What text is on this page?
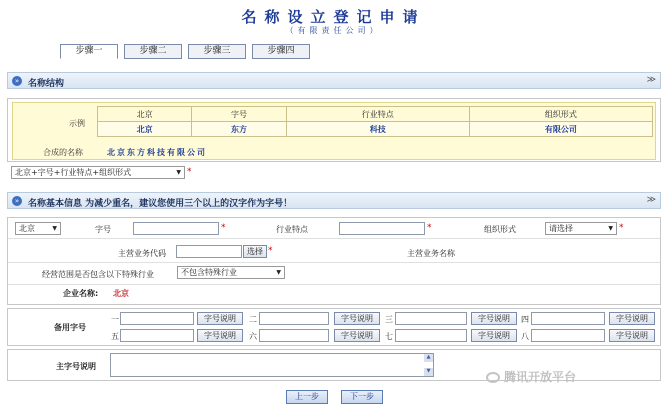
名称设立登记申请
（有限责任公司）
步骤一	步骤二	步骤三	步骤四
» 名称结构	≫
示例
北京	字号	行业特点	组织形式
北京	东方	科技	有限公司
合成的名称	北京东方科技有限公司
北京+字号+行业特点+组织形式	▼ *
» 名称基本信息 为减少重名，建议您使用三个以上的汉字作为字号！	≫
北京	▼	字号	*	行业特点	*	组织形式	请选择	▼ *
主营业务代码	选择 *	主营业务名称
经营范围是否包含以下特殊行业	不包含特殊行业	▼
企业名称: 北京
备用字号
一	字号说明	二	字号说明	三	字号说明	四	字号说明
五	字号说明	六	字号说明	七	字号说明	八	字号说明
主字号说明
▲
▼	腾讯开放平台
上一步	下一步
